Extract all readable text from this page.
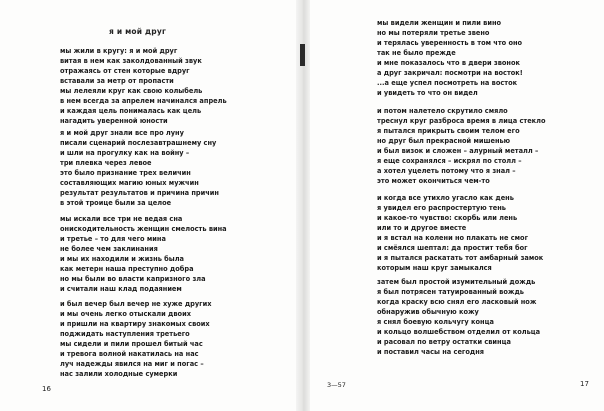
я и мой друг
мы жили в кругу: я и мой друг
витая в нем как заколдованный звук
отражаясь от стен которые вдруг
вставали за метр от пропасти
мы лелеяли круг как свою колыбель
в нем всегда за апрелем начинался апрель
и каждая цель понималась как цель
нагадить уверенной юности
я и мой друг знали все про луну
писали сценарий послезавтрашнему сну
и шли на прогулку как на войну –
три плевка через левое
это было признание трех величин
составляющих магию юных мужчин
результат результатов и причина причин
в этой троице были за целое
мы искали все три не ведая сна
онискодительность женщин смелость вина
и третье – то для чего мина
не более чем заклинания
и мы их находили и жизнь была
как метерн наша преступно добра
но мы были во власти капризного зла
и считали наш клад подаянием
и был вечер был вечер не хуже других
и мы очень легко отыскали двоих
и пришли на квартиру знакомых своих
поджидать наступления третьего
мы сидели и пили прошел битый час
и тревога волной накатилась на нас
луч надежды явился на миг и погас –
нас залили холодные сумерки
16
мы видели женщин и пили вино
но мы потеряли третье звено
и терялась уверенность в том что оно
так не было прежде
и мне показалось что в двери звонок
а друг закричал: посмотри на восток!
...а еще успел посмотреть на восток
и увидеть то что он видел
и потом налетело скрутило смяло
треснул круг разброса время в лица стекло
я пытался прикрыть своим телом его
но друг был прекрасной мишенью
и был визок и сложен – алурный металл –
я еще сохранялся – искрял по столл –
а хотел уцелеть потому что я знал –
это может окончиться чем-то
и когда все утихло угасло как день
я увидел его распростертую тень
и какое-то чувство: скорбь или лень
или то и другое вместе
и я встал на колени но плакать не смог
и смёялся шептал: да простит тебя бог
и я пытался раскатать тот амбарный замок
которым наш круг замыкался
затем был простой изумительный дождь
я был потрясен татуированный вождь
когда краску всю снял его ласковый нож
обнаружив обычную кожу
я снял боевую кольчугу конца
и кольцо волшебством отделил от кольца
и расовал по ветру остатки свинца
и поставил часы на сегодня
3—57	17
